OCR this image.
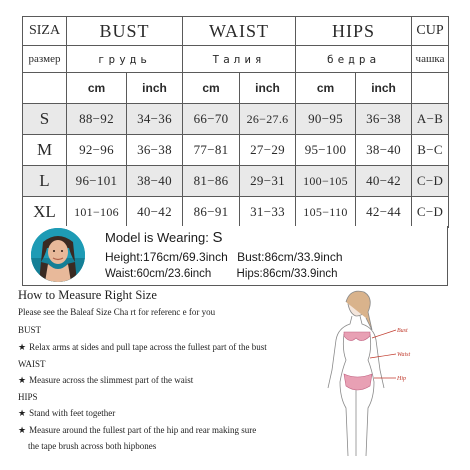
SIZA	BUST		WAIST		HIPS		CUP
размер	грудь		Талия		бедра		чашка
	cm	inch	cm	inch	cm	inch	
S	88−92	34−36	66−70	26−27.6	90−95	36−38	A−B
M	92−96	36−38	77−81	27−29	95−100	38−40	B−C
L	96−101	38−40	81−86	29−31	100−105	40−42	C−D
XL	101−106	40−42	86−91	31−33	105−110	42−44	C−D
Model is Wearing: S
Height:176cm/69.3inch Bust:86cm/33.9inch
Waist:60cm/23.6inch Hips:86cm/33.9inch
How to Measure Right Size
Please see the Baleaf Size Cha rt for referenc e for you
BUST
★ Relax arms at sides and pull tape across the fullest part of the bust
WAIST
★ Measure across the slimmest part of the waist
HIPS
★ Stand with feet together
★ Measure around the fullest part of the hip and rear making sure
the tape brush across both hipbones
Bust
Waist
Hip
